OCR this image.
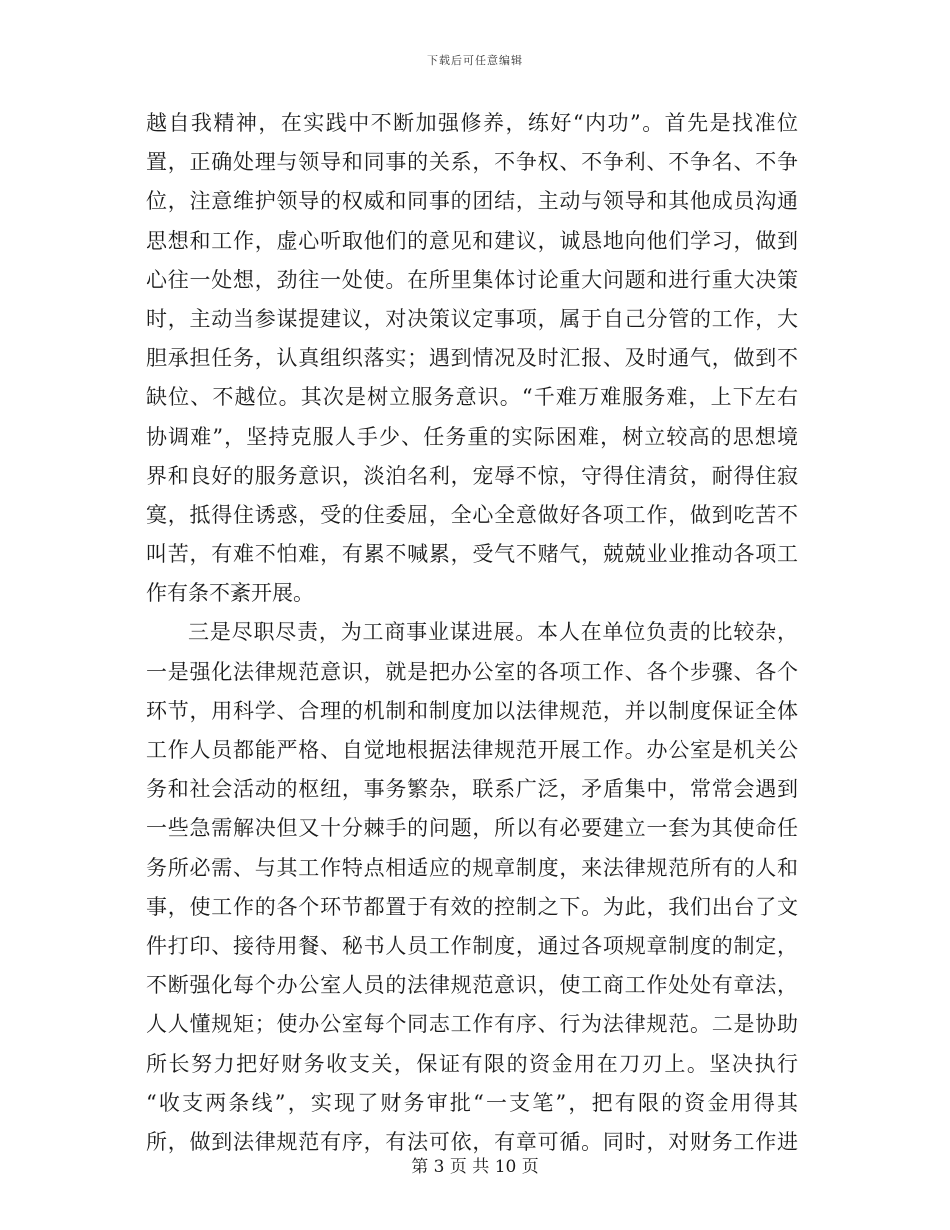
下载后可任意编辑
越自我精神，在实践中不断加强修养，练好“内功”。首先是找准位
置，正确处理与领导和同事的关系，不争权、不争利、不争名、不争
位，注意维护领导的权威和同事的团结，主动与领导和其他成员沟通
思想和工作，虚心听取他们的意见和建议，诚恳地向他们学习，做到
心往一处想，劲往一处使。在所里集体讨论重大问题和进行重大决策
时，主动当参谋提建议，对决策议定事项，属于自己分管的工作，大
胆承担任务，认真组织落实；遇到情况及时汇报、及时通气，做到不
缺位、不越位。其次是树立服务意识。“千难万难服务难，上下左右
协调难”，坚持克服人手少、任务重的实际困难，树立较高的思想境
界和良好的服务意识，淡泊名利，宠辱不惊，守得住清贫，耐得住寂
寞，抵得住诱惑，受的住委屈，全心全意做好各项工作，做到吃苦不
叫苦，有难不怕难，有累不喊累，受气不赌气，兢兢业业推动各项工
作有条不紊开展。
三是尽职尽责，为工商事业谋进展。本人在单位负责的比较杂，
一是强化法律规范意识，就是把办公室的各项工作、各个步骤、各个
环节，用科学、合理的机制和制度加以法律规范，并以制度保证全体
工作人员都能严格、自觉地根据法律规范开展工作。办公室是机关公
务和社会活动的枢纽，事务繁杂，联系广泛，矛盾集中，常常会遇到
一些急需解决但又十分棘手的问题，所以有必要建立一套为其使命任
务所必需、与其工作特点相适应的规章制度，来法律规范所有的人和
事，使工作的各个环节都置于有效的控制之下。为此，我们出台了文
件打印、接待用餐、秘书人员工作制度，通过各项规章制度的制定，
不断强化每个办公室人员的法律规范意识，使工商工作处处有章法，
人人懂规矩；使办公室每个同志工作有序、行为法律规范。二是协助
所长努力把好财务收支关，保证有限的资金用在刀刃上。坚决执行
“收支两条线”，实现了财务审批“一支笔”，把有限的资金用得其
所，做到法律规范有序，有法可依，有章可循。同时，对财务工作进
第 3 页 共 10 页
